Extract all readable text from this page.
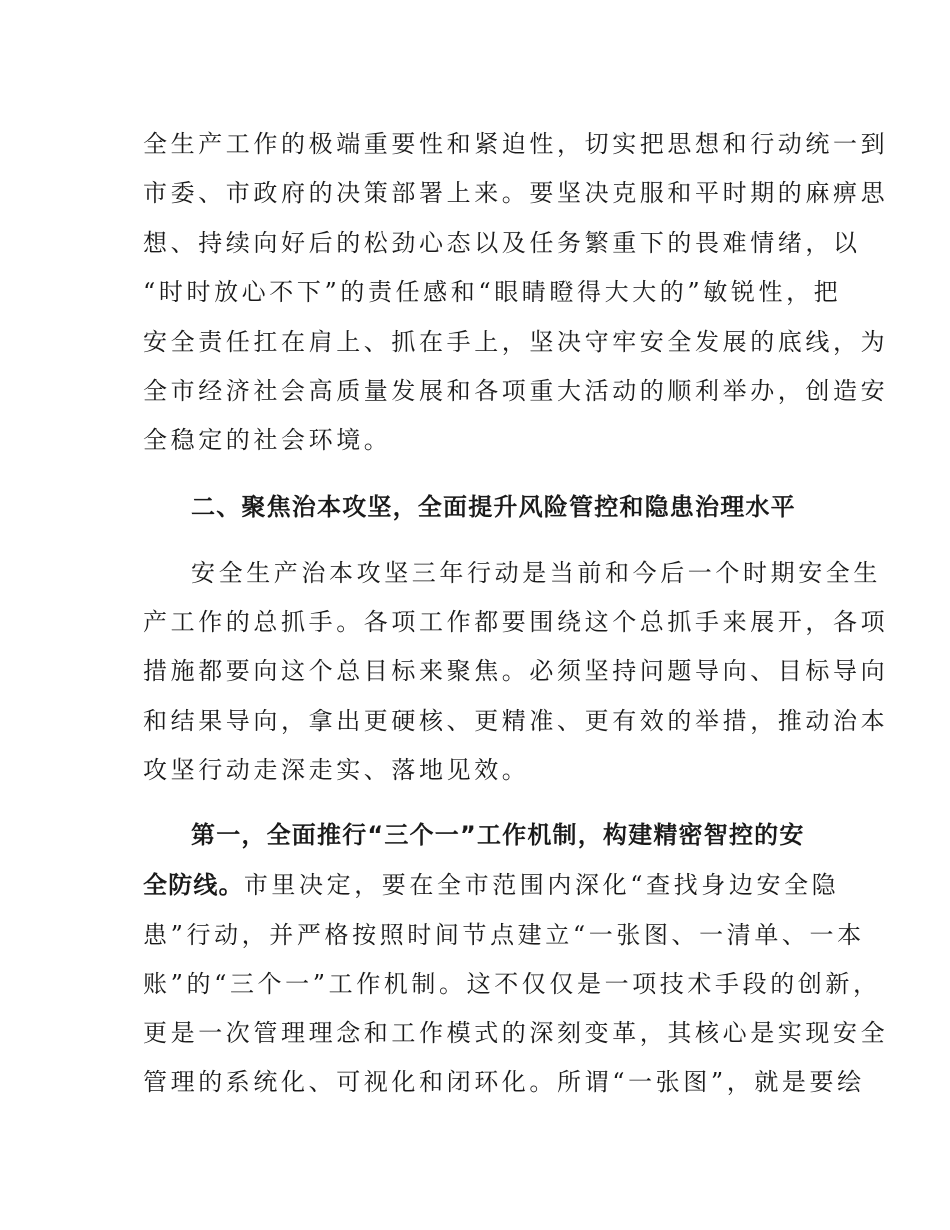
全生产工作的极端重要性和紧迫性，切实把思想和行动统一到
市委、市政府的决策部署上来。要坚决克服和平时期的麻痹思
想、持续向好后的松劲心态以及任务繁重下的畏难情绪，以
“时时放心不下”的责任感和“眼睛瞪得大大的”敏锐性，把
安全责任扛在肩上、抓在手上，坚决守牢安全发展的底线，为
全市经济社会高质量发展和各项重大活动的顺利举办，创造安
全稳定的社会环境。
二、聚焦治本攻坚，全面提升风险管控和隐患治理水平
安全生产治本攻坚三年行动是当前和今后一个时期安全生
产工作的总抓手。各项工作都要围绕这个总抓手来展开，各项
措施都要向这个总目标来聚焦。必须坚持问题导向、目标导向
和结果导向，拿出更硬核、更精准、更有效的举措，推动治本
攻坚行动走深走实、落地见效。
第一，全面推行“三个一”工作机制，构建精密智控的安
全防线。市里决定，要在全市范围内深化“查找身边安全隐
患”行动，并严格按照时间节点建立“一张图、一清单、一本
账”的“三个一”工作机制。这不仅仅是一项技术手段的创新，
更是一次管理理念和工作模式的深刻变革，其核心是实现安全
管理的系统化、可视化和闭环化。所谓“一张图”，就是要绘
